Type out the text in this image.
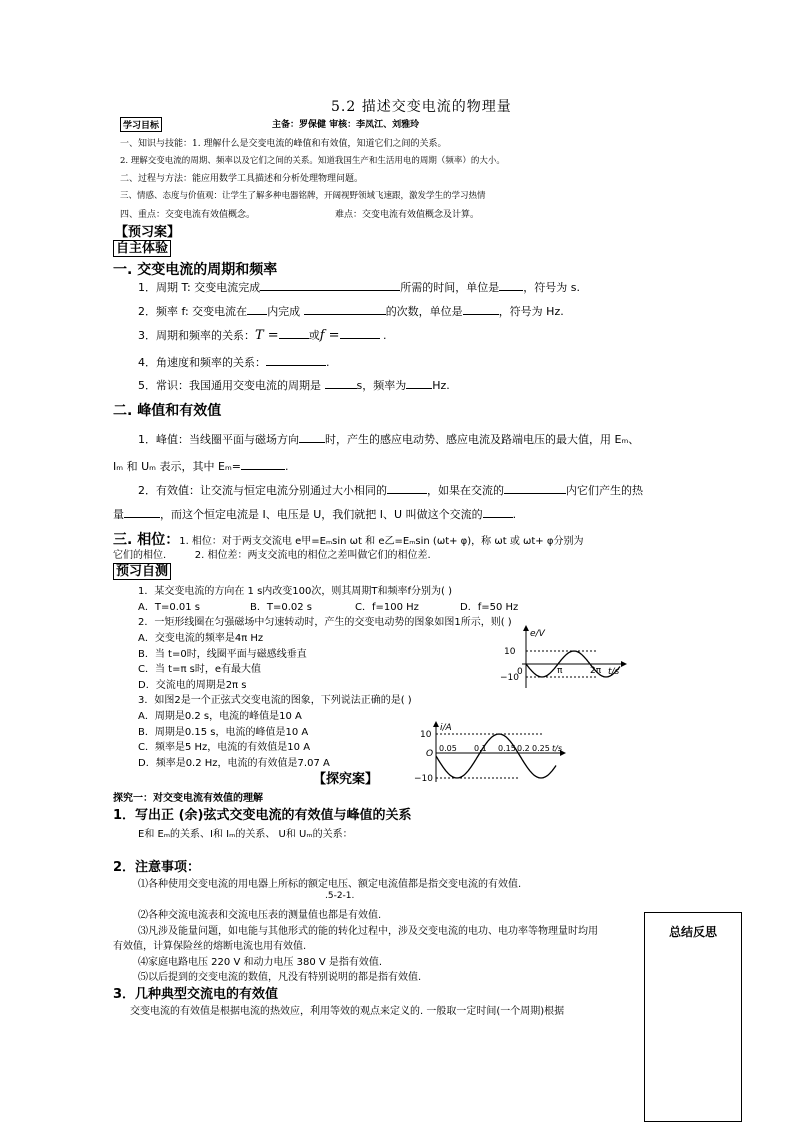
5.2 描述交变电流的物理量
主备：罗保健 审核：李凤江、刘雅玲
学习目标
一、知识与技能：1. 理解什么是交变电流的峰值和有效值，知道它们之间的关系。
2. 理解交变电流的周期、频率以及它们之间的关系。知道我国生产和生活用电的周期（频率）的大小。
二、过程与方法：能应用数学工具描述和分析处理物理问题。
三、情感、态度与价值观：让学生了解多种电器铭牌，开阔视野领域飞速跟，激发学生的学习热情
四、重点：交变电流有效值概念。	难点：交变电流有效值概念及计算。
【预习案】
自主体验
一. 交变电流的周期和频率
1．周期 T: 交变电流完成	所需的时间，单位是 ，符号为 s.
2．频率 f: 交变电流在 内完成	的次数，单位是	，符号为 Hz.
3．周期和频率的关系：T =	或f =	.
4．角速度和频率的关系：	.
5．常识：我国通用交变电流的周期是	s，频率为 Hz.
二. 峰值和有效值
1．峰值：当线圈平面与磁场方向 时，产生的感应电动势、感应电流及路端电压的最大值，用 Eₘ、
Iₘ 和 Uₘ 表示，其中 Eₘ=	.
2．有效值：让交流与恒定电流分别通过大小相同的	，如果在交流的	内它们产生的热
量	，而这个恒定电流是 I、电压是 U，我们就把 I、U 叫做这个交流的	.
三. 相位：1. 相位：对于两支交流电 e甲=Eₘsin ωt 和 e乙=Eₘsin (ωt+ φ)，称 ωt 或 ωt+ φ分别为
它们的相位.	2. 相位差：两支交流电的相位之差叫做它们的相位差.
预习自测
1．某交变电流的方向在 1 s内改变100次，则其周期T和频率f分别为( )
A．T=0.01 s	B．T=0.02 s	C．f=100 Hz	D．f=50 Hz
2．一矩形线圈在匀强磁场中匀速转动时，产生的交变电动势的图象如图1所示，则( )
A．交变电流的频率是4π Hz
B．当 t=0时，线圈平面与磁感线垂直
C．当 t=π s时，e有最大值
D．交流电的周期是2π s
3．如图2是一个正弦式交变电流的图象，下列说法正确的是( )
A．周期是0.2 s，电流的峰值是10 A
B．周期是0.15 s，电流的峰值是10 A
C．频率是5 Hz，电流的有效值是10 A
D．频率是0.2 Hz，电流的有效值是7.07 A
e/V
10
−10
0	π	2π t/s
i/A
10
−10
O
0.05 0.1 0.15 0.2 0.25 t/s
【探究案】
探究一：对交变电流有效值的理解
1．写出正 (余)弦式交变电流的有效值与峰值的关系
E和 Eₘ的关系、I和 Iₘ的关系、 U和 Uₘ的关系：
2．注意事项：
⑴各种使用交变电流的用电器上所标的额定电压、额定电流值都是指交变电流的有效值.
.5-2-1.
⑵各种交流电流表和交流电压表的测量值也都是有效值.
⑶凡涉及能量问题，如电能与其他形式的能的转化过程中，涉及交变电流的电功、电功率等物理量时均用
有效值，计算保险丝的熔断电流也用有效值.
⑷家庭电路电压 220 V 和动力电压 380 V 是指有效值.
⑸以后提到的交变电流的数值，凡没有特别说明的都是指有效值.
3．几种典型交流电的有效值
交变电流的有效值是根据电流的热效应，利用等效的观点来定义的. 一般取一定时间(一个周期)根据
总结反思
